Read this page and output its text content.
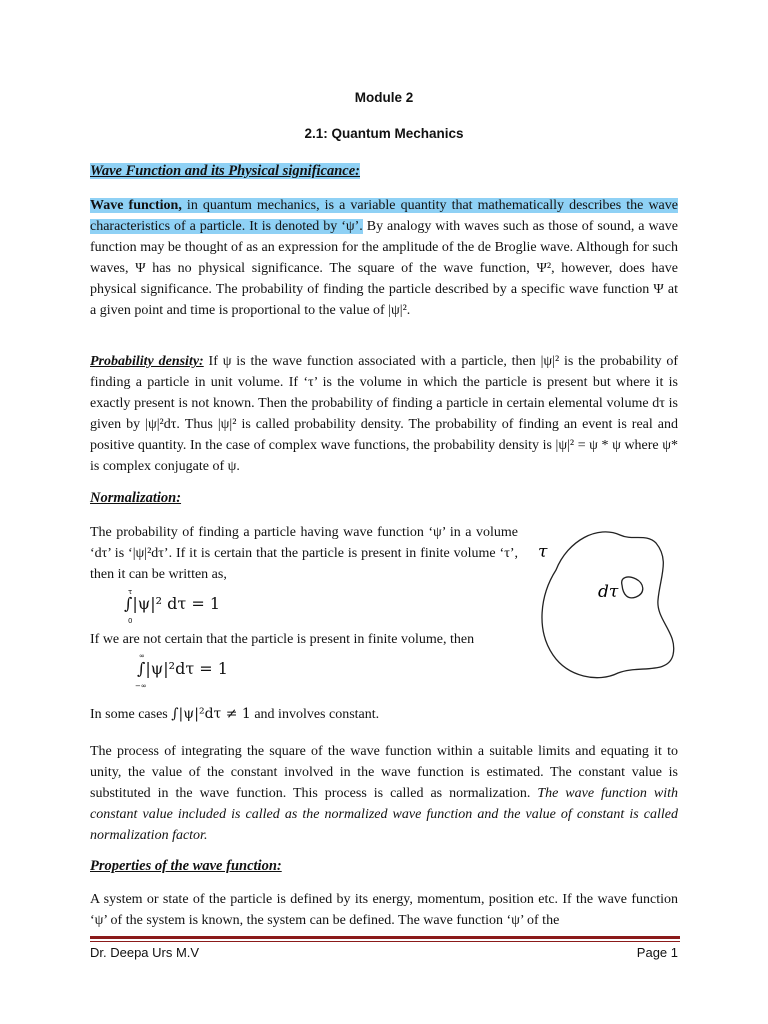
Module 2
2.1: Quantum Mechanics
Wave Function and its Physical significance:
Wave function, in quantum mechanics, is a variable quantity that mathematically describes the wave characteristics of a particle. It is denoted by ‘ψ’. By analogy with waves such as those of sound, a wave function may be thought of as an expression for the amplitude of the de Broglie wave. Although for such waves, Ψ has no physical significance. The square of the wave function, Ψ², however, does have physical significance. The probability of finding the particle described by a specific wave function Ψ at a given point and time is proportional to the value of |ψ|².
Probability density: If ψ is the wave function associated with a particle, then |ψ|² is the probability of finding a particle in unit volume. If ‘τ’ is the volume in which the particle is present but where it is exactly present is not known. Then the probability of finding a particle in certain elemental volume dτ is given by |ψ|²dτ. Thus |ψ|² is called probability density. The probability of finding an event is real and positive quantity. In the case of complex wave functions, the probability density is |ψ|² = ψ * ψ where ψ* is complex conjugate of ψ.
Normalization:
The probability of finding a particle having wave function ‘ψ’ in a volume ‘dτ’ is ‘|ψ|²dτ’. If it is certain that the particle is present in finite volume ‘τ’, then it can be written as,
τ
∫|ψ|² dτ = 1
0
If we are not certain that the particle is present in finite volume, then
∞
∫|ψ|²dτ = 1
−∞
τ
dτ
In some cases ∫|ψ|²dτ ≠ 1 and involves constant.
The process of integrating the square of the wave function within a suitable limits and equating it to unity, the value of the constant involved in the wave function is estimated. The constant value is substituted in the wave function. This process is called as normalization. The wave function with constant value included is called as the normalized wave function and the value of constant is called normalization factor.
Properties of the wave function:
A system or state of the particle is defined by its energy, momentum, position etc. If the wave function ‘ψ’ of the system is known, the system can be defined. The wave function ‘ψ’ of the
Dr. Deepa Urs M.V	Page 1
